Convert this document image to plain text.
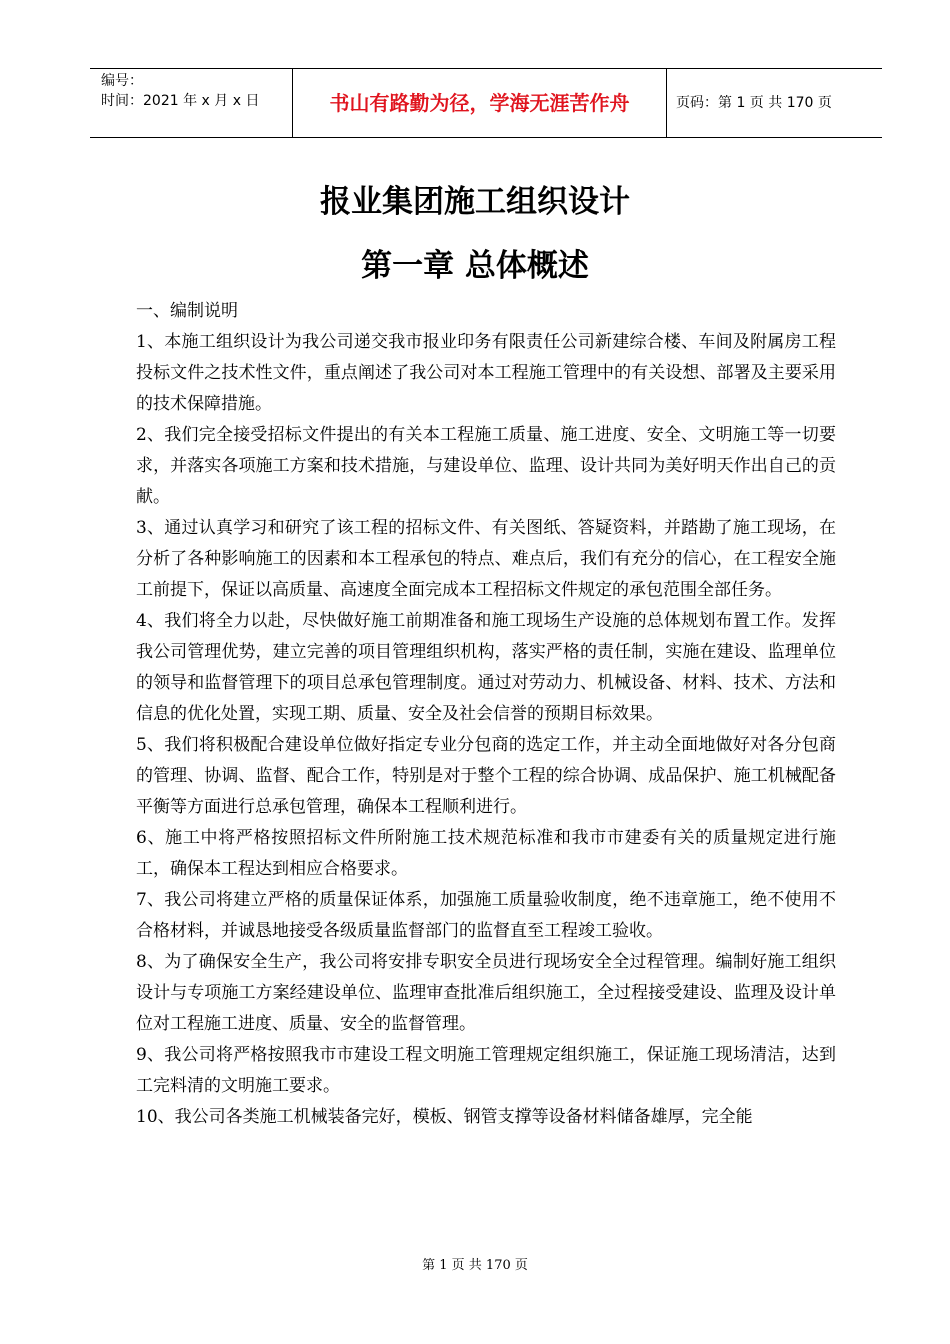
编号：
时间：2021 年 x 月 x 日	书山有路勤为径，学海无涯苦作舟	页码：第 1 页 共 170 页
报业集团施工组织设计
第一章 总体概述

一、编制说明

1、本施工组织设计为我公司递交我市报业印务有限责任公司新建综合楼、车间及附属房工程投标文件之技术性文件，重点阐述了我公司对本工程施工管理中的有关设想、部署及主要采用的技术保障措施。

2、我们完全接受招标文件提出的有关本工程施工质量、施工进度、安全、文明施工等一切要求，并落实各项施工方案和技术措施，与建设单位、监理、设计共同为美好明天作出自己的贡献。

3、通过认真学习和研究了该工程的招标文件、有关图纸、答疑资料，并踏勘了施工现场，在分析了各种影响施工的因素和本工程承包的特点、难点后，我们有充分的信心，在工程安全施工前提下，保证以高质量、高速度全面完成本工程招标文件规定的承包范围全部任务。

4、我们将全力以赴，尽快做好施工前期准备和施工现场生产设施的总体规划布置工作。发挥我公司管理优势，建立完善的项目管理组织机构，落实严格的责任制，实施在建设、监理单位的领导和监督管理下的项目总承包管理制度。通过对劳动力、机械设备、材料、技术、方法和信息的优化处置，实现工期、质量、安全及社会信誉的预期目标效果。

5、我们将积极配合建设单位做好指定专业分包商的选定工作，并主动全面地做好对各分包商的管理、协调、监督、配合工作，特别是对于整个工程的综合协调、成品保护、施工机械配备平衡等方面进行总承包管理，确保本工程顺利进行。

6、施工中将严格按照招标文件所附施工技术规范标准和我市市建委有关的质量规定进行施工，确保本工程达到相应合格要求。

7、我公司将建立严格的质量保证体系，加强施工质量验收制度，绝不违章施工，绝不使用不合格材料，并诚恳地接受各级质量监督部门的监督直至工程竣工验收。

8、为了确保安全生产，我公司将安排专职安全员进行现场安全全过程管理。编制好施工组织设计与专项施工方案经建设单位、监理审查批准后组织施工，全过程接受建设、监理及设计单位对工程施工进度、质量、安全的监督管理。

9、我公司将严格按照我市市建设工程文明施工管理规定组织施工，保证施工现场清洁，达到工完料清的文明施工要求。

10、我公司各类施工机械装备完好，模板、钢管支撑等设备材料储备雄厚，完全能

第 1 页 共 170 页
